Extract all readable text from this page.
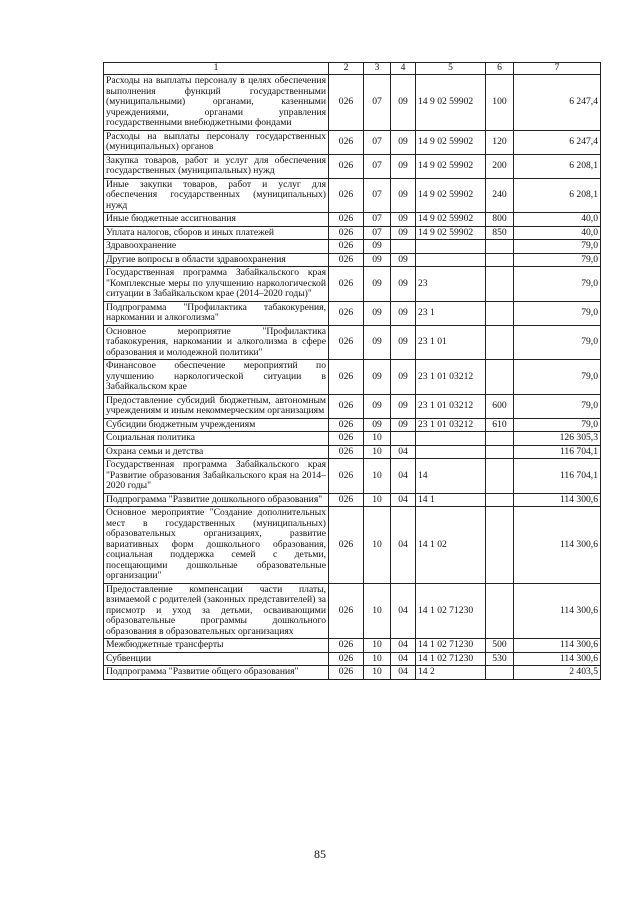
1	2	3	4	5	6	7
Расходы на выплаты персоналу в целях обеспечения выполнения функций государственными (муниципальными) органами, казенными учреждениями, органами управления государственными внебюджетными фондами	026	07	09	14 9 02 59902	100	6 247,4
Расходы на выплаты персоналу государственных (муниципальных) органов	026	07	09	14 9 02 59902	120	6 247,4
Закупка товаров, работ и услуг для обеспечения государственных (муниципальных) нужд	026	07	09	14 9 02 59902	200	6 208,1
Иные закупки товаров, работ и услуг для обеспечения государственных (муниципальных) нужд	026	07	09	14 9 02 59902	240	6 208,1
Иные бюджетные ассигнования	026	07	09	14 9 02 59902	800	40,0
Уплата налогов, сборов и иных платежей	026	07	09	14 9 02 59902	850	40,0
Здравоохранение	026	09				79,0
Другие вопросы в области здравоохранения	026	09	09			79,0
Государственная программа Забайкальского края "Комплексные меры по улучшению наркологической ситуации в Забайкальском крае (2014–2020 годы)"	026	09	09	23		79,0
Подпрограмма "Профилактика табакокурения, наркомании и алкоголизма"	026	09	09	23 1		79,0
Основное мероприятие "Профилактика табакокурения, наркомании и алкоголизма в сфере образования и молодежной политики"	026	09	09	23 1 01		79,0
Финансовое обеспечение мероприятий по улучшению наркологической ситуации в Забайкальском крае	026	09	09	23 1 01 03212		79,0
Предоставление субсидий бюджетным, автономным учреждениям и иным некоммерческим организациям	026	09	09	23 1 01 03212	600	79,0
Субсидии бюджетным учреждениям	026	09	09	23 1 01 03212	610	79,0
Социальная политика	026	10				126 305,3
Охрана семьи и детства	026	10	04			116 704,1
Государственная программа Забайкальского края "Развитие образования Забайкальского края на 2014–2020 годы"	026	10	04	14		116 704,1
Подпрограмма "Развитие дошкольного образования"	026	10	04	14 1		114 300,6
Основное мероприятие "Создание дополнительных мест в государственных (муниципальных) образовательных организациях, развитие вариативных форм дошкольного образования, социальная поддержка семей с детьми, посещающими дошкольные образовательные организации"	026	10	04	14 1 02		114 300,6
Предоставление компенсации части платы, взимаемой с родителей (законных представителей) за присмотр и уход за детьми, осваивающими образовательные программы дошкольного образования в образовательных организациях	026	10	04	14 1 02 71230		114 300,6
Межбюджетные трансферты	026	10	04	14 1 02 71230	500	114 300,6
Субвенции	026	10	04	14 1 02 71230	530	114 300,6
Подпрограмма "Развитие общего образования"	026	10	04	14 2		2 403,5
85
